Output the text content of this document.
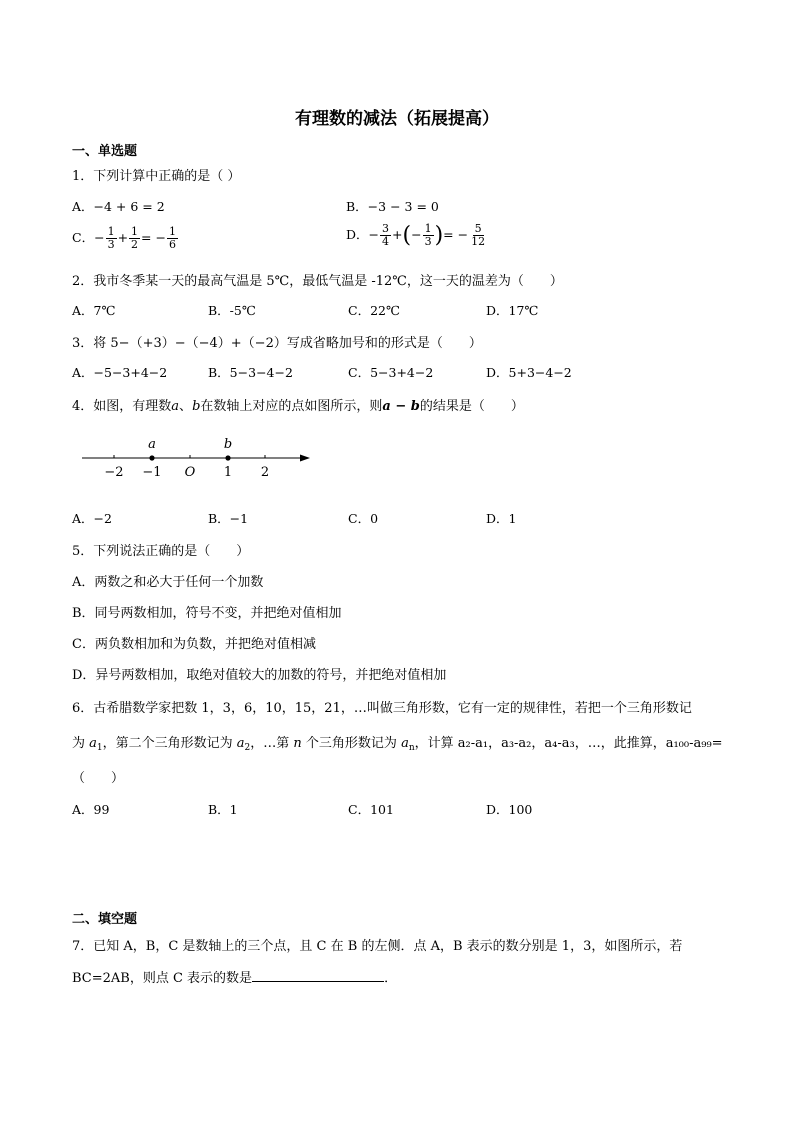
有理数的减法（拓展提高）
一、单选题
1．下列计算中正确的是（ ）
A．−4 + 6 = 2	B．−3 − 3 = 0
C．− $\frac{1}{3} + \frac{1}{2}$ = − $\frac{1}{6}$	D．− $\frac{3}{4}$ +(− $\frac{1}{3}$ )= − $\frac{5}{12}$
2．我市冬季某一天的最高气温是 5℃，最低气温是 -12℃，这一天的温差为（　　）
A．7℃	B．-5℃	C．22℃	D．17℃
3．将 5−（+3）−（−4）+（−2）写成省略加号和的形式是（　　）
A．−5−3+4−2	B．5−3−4−2	C．5−3+4−2	D．5+3−4−2
4．如图，有理数a、b在数轴上对应的点如图所示，则a − b的结果是（　　）
a	b
−2 −1 O 1 2
A．−2	B．−1	C．0	D．1
5．下列说法正确的是（　　）
A．两数之和必大于任何一个加数
B．同号两数相加，符号不变，并把绝对值相加
C．两负数相加和为负数，并把绝对值相减
D．异号两数相加，取绝对值较大的加数的符号，并把绝对值相加
6．古希腊数学家把数 1，3，6，10，15，21，…叫做三角形数，它有一定的规律性，若把一个三角形数记
为 $a_1$，第二个三角形数记为 $a_2$，…第 n 个三角形数记为 $a_n$，计算 a₂-a₁，a₃-a₂，a₄-a₃，…，此推算，a₁₀₀-a₉₉=
（　　）
A．99	B．1	C．101	D．100
二、填空题
7．已知 A，B，C 是数轴上的三个点，且 C 在 B 的左侧．点 A，B 表示的数分别是 1，3，如图所示，若
BC=2AB，则点 C 表示的数是	．
